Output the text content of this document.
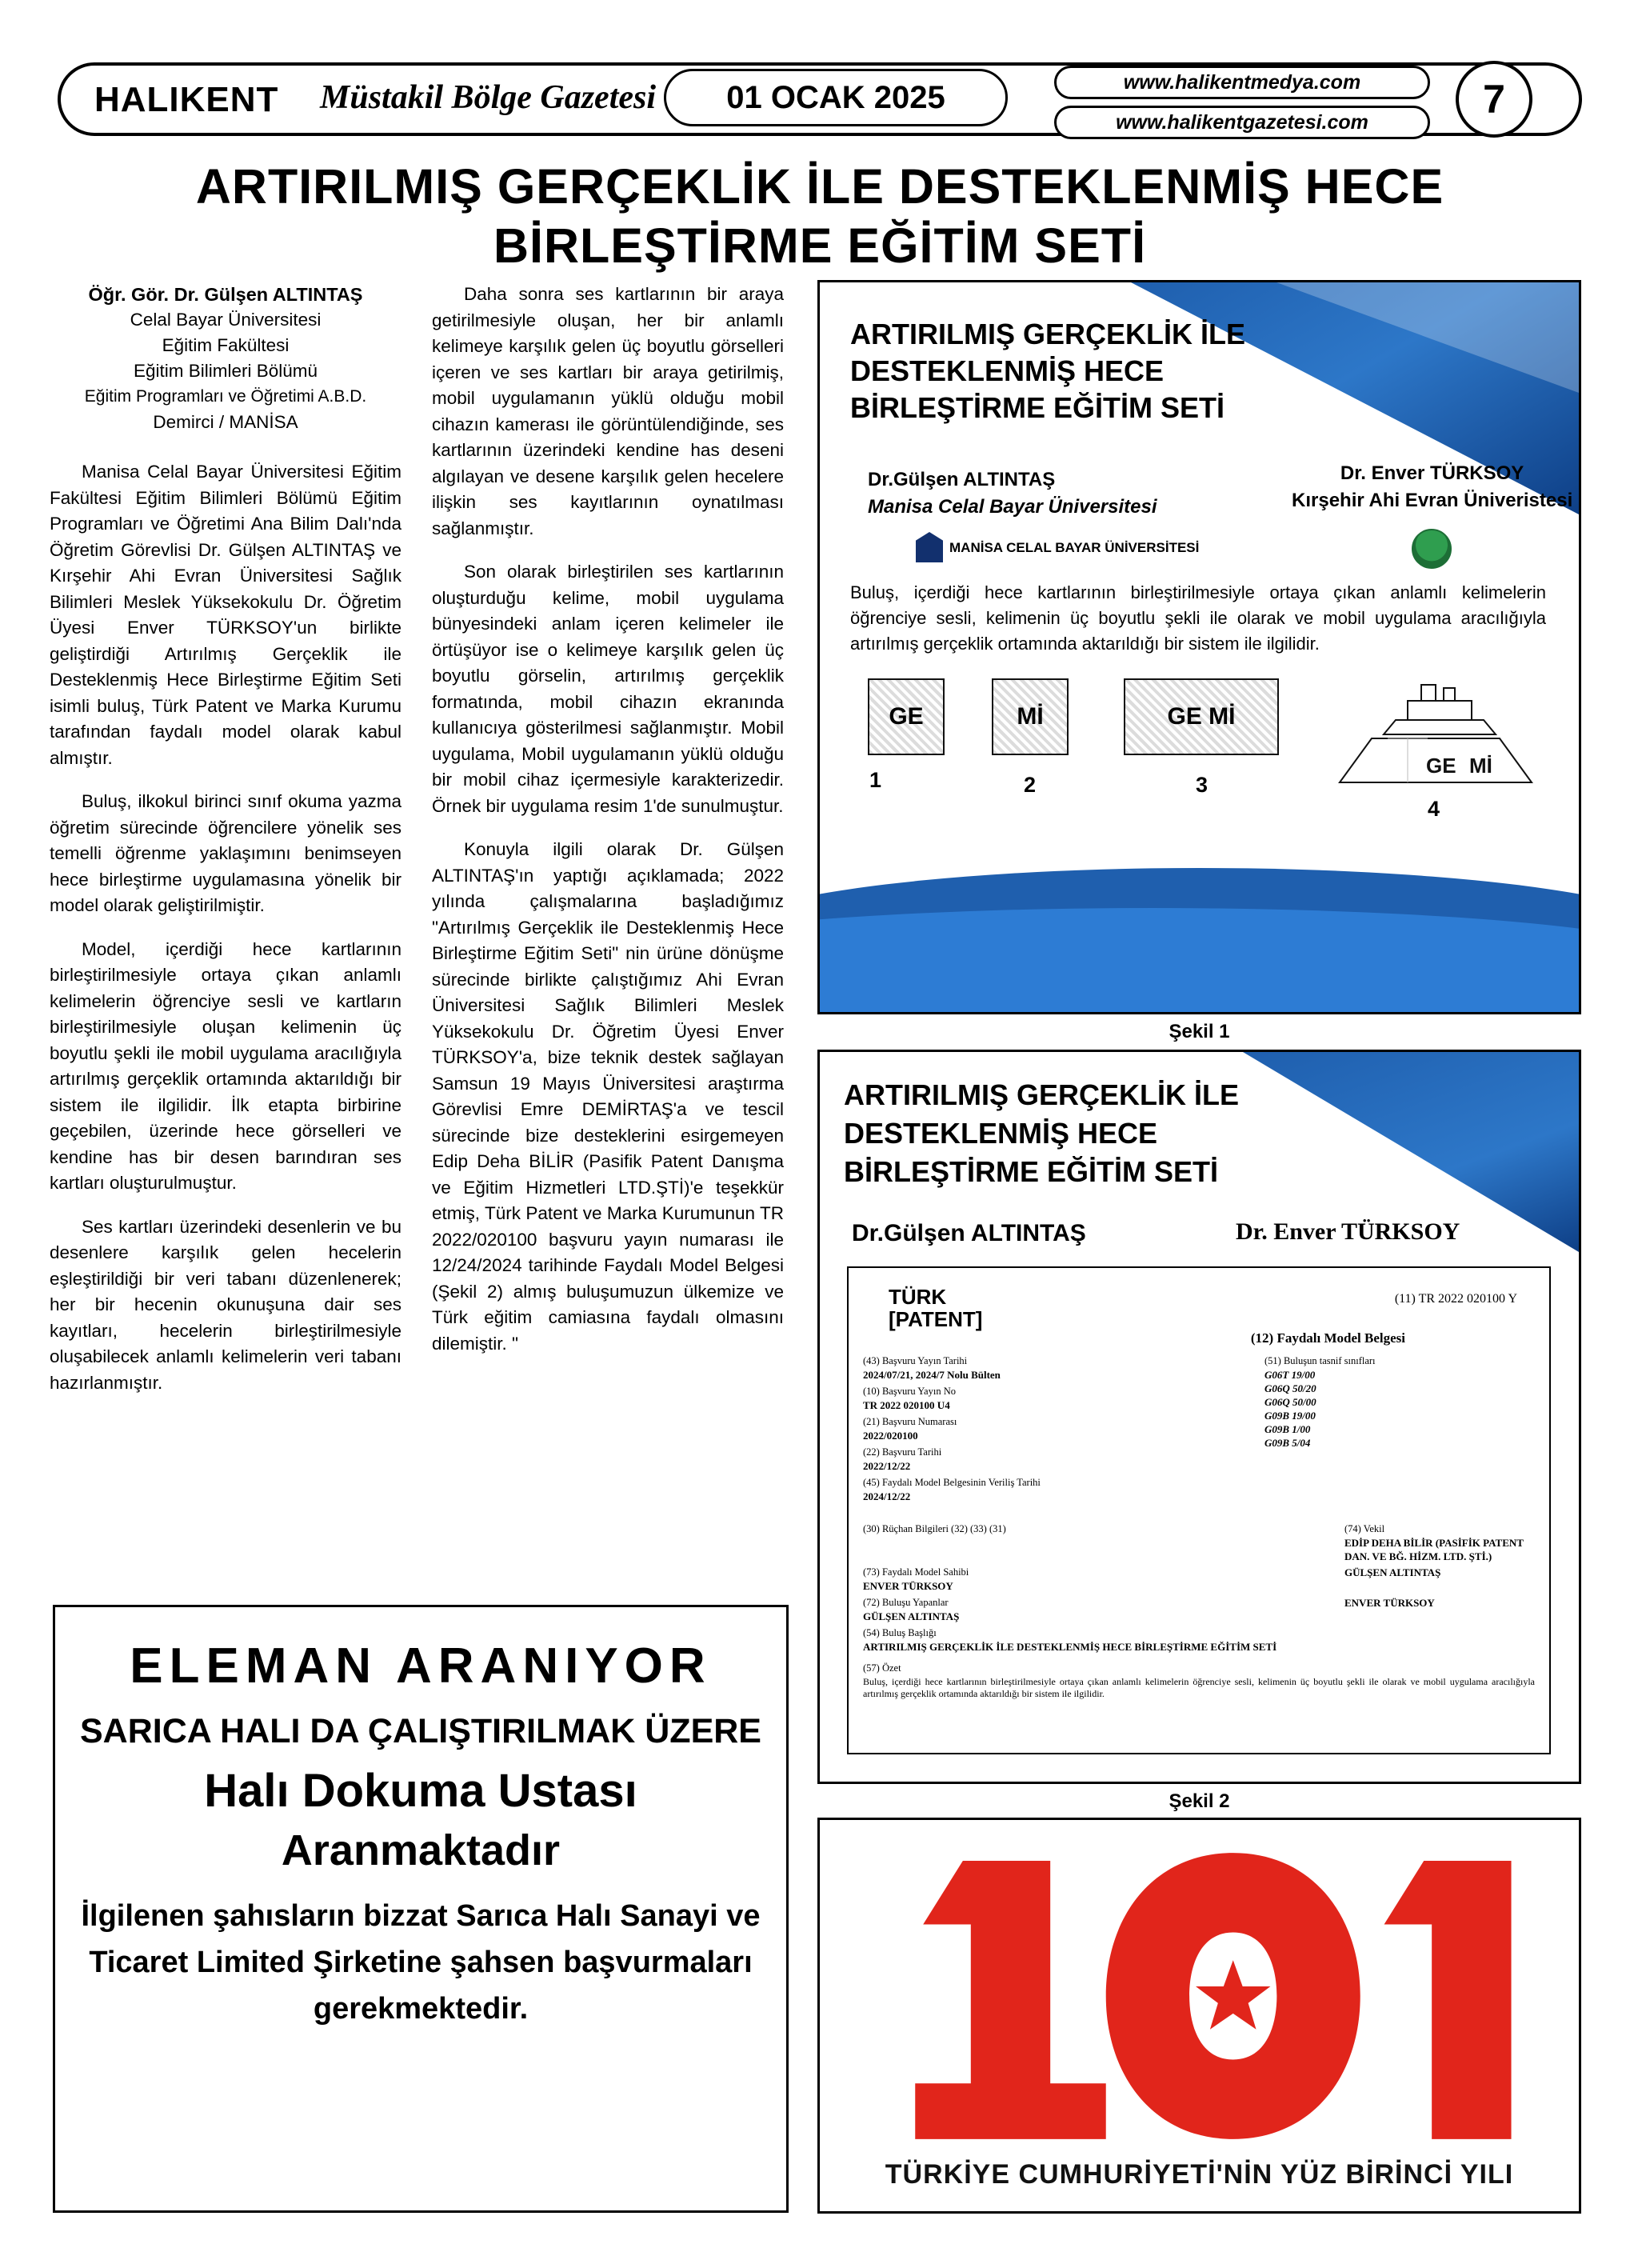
HALIKENT Müstakil Bölge Gazetesi	01 OCAK 2025	www.halikentmedya.com
www.halikentgazetesi.com
7
ARTIRILMIŞ GERÇEKLİK İLE DESTEKLENMİŞ HECE BİRLEŞTİRME EĞİTİM SETİ
Öğr. Gör. Dr. Gülşen ALTINTAŞ
Celal Bayar Üniversitesi
Eğitim Fakültesi
Eğitim Bilimleri Bölümü
Eğitim Programları ve Öğretimi A.B.D.
Demirci / MANİSA

Manisa Celal Bayar Üniversitesi Eğitim Fakültesi Eğitim Bilimleri Bölümü Eğitim Programları ve Öğretimi Ana Bilim Dalı'nda Öğretim Görevlisi Dr. Gülşen ALTINTAŞ ve Kırşehir Ahi Evran Üniversitesi Sağlık Bilimleri Meslek Yüksekokulu Dr. Öğretim Üyesi Enver TÜRKSOY'un birlikte geliştirdiği Artırılmış Gerçeklik ile Desteklenmiş Hece Birleştirme Eğitim Seti isimli buluş, Türk Patent ve Marka Kurumu tarafından faydalı model olarak kabul almıştır.

Buluş, ilkokul birinci sınıf okuma yazma öğretim sürecinde öğrencilere yönelik ses temelli öğrenme yaklaşımını benimseyen hece birleştirme uygulamasına yönelik bir model olarak geliştirilmiştir.

Model, içerdiği hece kartlarının birleştirilmesiyle ortaya çıkan anlamlı kelimelerin öğrenciye sesli ve kartların birleştirilmesiyle oluşan kelimenin üç boyutlu şekli ile mobil uygulama aracılığıyla artırılmış gerçeklik ortamında aktarıldığı bir sistem ile ilgilidir. İlk etapta birbirine geçebilen, üzerinde hece görselleri ve kendine has bir desen barındıran ses kartları oluşturulmuştur.

Ses kartları üzerindeki desenlerin ve bu desenlere karşılık gelen hecelerin eşleştirildiği bir veri tabanı düzenlenerek; her bir hecenin okunuşuna dair ses kayıtları, hecelerin birleştirilmesiyle oluşabilecek anlamlı kelimelerin veri tabanı hazırlanmıştır.

Daha sonra ses kartlarının bir araya getirilmesiyle oluşan, her bir anlamlı kelimeye karşılık gelen üç boyutlu görselleri içeren ve ses kartları bir araya getirilmiş, mobil uygulamanın yüklü olduğu mobil cihazın kamerası ile görüntülendiğinde, ses kartlarının üzerindeki kendine has deseni algılayan ve desene karşılık gelen hecelere ilişkin ses kayıtlarının oynatılması sağlanmıştır.

Son olarak birleştirilen ses kartlarının oluşturduğu kelime, mobil uygulama bünyesindeki anlam içeren kelimeler ile örtüşüyor ise o kelimeye karşılık gelen üç boyutlu görselin, artırılmış gerçeklik formatında, mobil cihazın ekranında kullanıcıya gösterilmesi sağlanmıştır. Mobil uygulama, Mobil uygulamanın yüklü olduğu bir mobil cihaz içermesiyle karakterizedir. Örnek bir uygulama resim 1'de sunulmuştur.

Konuyla ilgili olarak Dr. Gülşen ALTINTAŞ'ın yaptığı açıklamada; 2022 yılında çalışmalarına başladığımız "Artırılmış Gerçeklik ile Desteklenmiş Hece Birleştirme Eğitim Seti" nin ürüne dönüşme sürecinde birlikte çalıştığımız Ahi Evran Üniversitesi Sağlık Bilimleri Meslek Yüksekokulu Dr. Öğretim Üyesi Enver TÜRKSOY'a, bize teknik destek sağlayan Samsun 19 Mayıs Üniversitesi araştırma Görevlisi Emre DEMİRTAŞ'a ve tescil sürecinde bize desteklerini esirgemeyen Edip Deha BİLİR (Pasifik Patent Danışma ve Eğitim Hizmetleri LTD.ŞTİ)'e teşekkür etmiş, Türk Patent ve Marka Kurumunun TR 2022/020100 başvuru yayın numarası ile 12/24/2024 tarihinde Faydalı Model Belgesi (Şekil 2) almış buluşumuzun ülkemize ve Türk eğitim camiasına faydalı olmasını dilemiştir. "

ARTIRILMIŞ GERÇEKLİK İLE DESTEKLENMİŞ HECE BİRLEŞTİRME EĞİTİM SETİ
Dr.Gülşen ALTINTAŞ
Manisa Celal Bayar Üniversitesi
Dr. Enver TÜRKSOY
Kırşehir Ahi Evran Üniveristesi
MANİSA CELAL BAYAR ÜNİVERSİTESİ
Buluş, içerdiği hece kartlarının birleştirilmesiyle ortaya çıkan anlamlı kelimelerin öğrenciye sesli, kelimenin üç boyutlu şekli ile olarak ve mobil uygulama aracılığıyla artırılmış gerçeklik ortamında aktarıldığı bir sistem ile ilgilidir.
GE
1
Mİ
2
GE Mİ
3
GE Mİ
4
Şekil 1
ARTIRILMIŞ GERÇEKLİK İLE DESTEKLENMİŞ HECE BİRLEŞTİRME EĞİTİM SETİ
Dr.Gülşen ALTINTAŞ	Dr. Enver TÜRKSOY
TÜRK
[PATENT]
(11) TR 2022 020100 Y
(12) Faydalı Model Belgesi
(43) Başvuru Yayın Tarihi
2024/07/21, 2024/7 Nolu Bülten
(10) Başvuru Yayın No
TR 2022 020100 U4
(21) Başvuru Numarası
2022/020100
(22) Başvuru Tarihi
2022/12/22
(45) Faydalı Model Belgesinin Veriliş Tarihi
2024/12/22
(30) Rüçhan Bilgileri (32) (33) (31)
(73) Faydalı Model Sahibi
ENVER TÜRKSOY
(72) Buluşu Yapanlar
GÜLŞEN ALTINTAŞ
(54) Buluş Başlığı
ARTIRILMIŞ GERÇEKLİK İLE DESTEKLENMİŞ HECE BİRLEŞTİRME EĞİTİM SETİ
(57) Özet
(51) Buluşun tasnif sınıfları
G06T 19/00
G06Q 50/20
G06Q 50/00
G09B 19/00
G09B 1/00
G09B 5/04
(74) Vekil
EDİP DEHA BİLİR (PASİFİK PATENT DAN. VE BĞ. HİZM. LTD. ŞTİ.)
GÜLŞEN ALTINTAŞ
ENVER TÜRKSOY
Buluş, içerdiği hece kartlarının birleştirilmesiyle ortaya çıkan anlamlı kelimelerin öğrenciye sesli, kelimenin üç boyutlu şekli ile olarak ve mobil uygulama aracılığıyla artırılmış gerçeklik ortamında aktarıldığı bir sistem ile ilgilidir.
Şekil 2
ELEMAN ARANIYOR
SARICA HALI DA ÇALIŞTIRILMAK ÜZERE
Halı Dokuma Ustası
Aranmaktadır
İlgilenen şahısların bizzat Sarıca Halı Sanayi ve Ticaret Limited Şirketine şahsen başvurmaları gerekmektedir.
TÜRKİYE CUMHURİYETİ'NİN YÜZ BİRİNCİ YILI
